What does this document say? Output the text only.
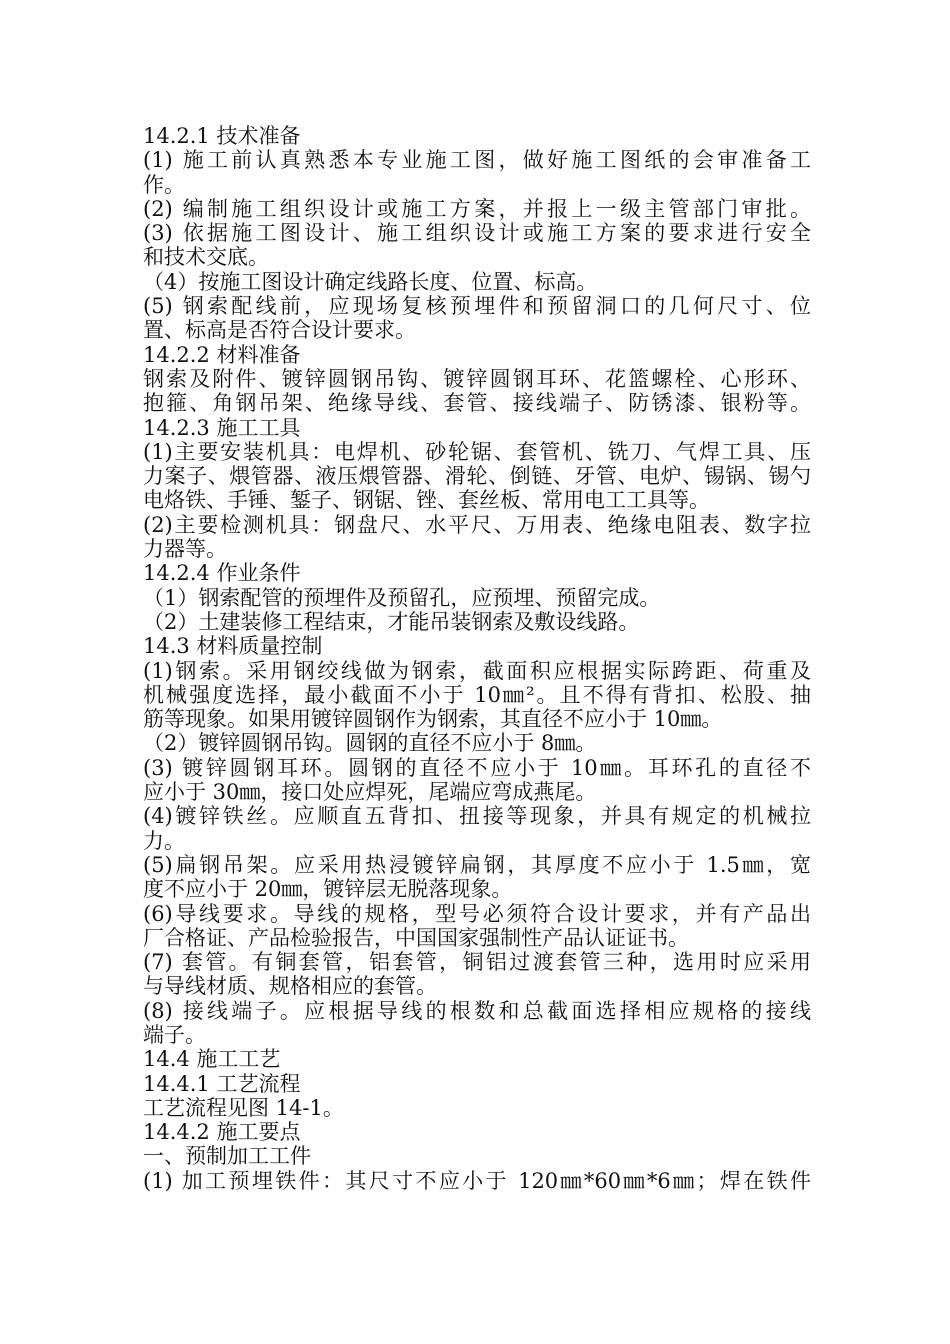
14.2.1 技术准备
(1) 施工前认真熟悉本专业施工图，做好施工图纸的会审准备工
作。
(2) 编制施工组织设计或施工方案，并报上一级主管部门审批。
(3) 依据施工图设计、施工组织设计或施工方案的要求进行安全
和技术交底。
（4）按施工图设计确定线路长度、位置、标高。
(5) 钢索配线前，应现场复核预埋件和预留洞口的几何尺寸、位
置、标高是否符合设计要求。
14.2.2 材料准备
钢索及附件、镀锌圆钢吊钩、镀锌圆钢耳环、花篮螺栓、心形环、
抱箍、角钢吊架、绝缘导线、套管、接线端子、防锈漆、银粉等。
14.2.3 施工工具
(1)主要安装机具：电焊机、砂轮锯、套管机、铣刀、气焊工具、压
力案子、煨管器、液压煨管器、滑轮、倒链、牙管、电炉、锡锅、锡勺
电烙铁、手锤、錾子、钢锯、锉、套丝板、常用电工工具等。
(2)主要检测机具：钢盘尺、水平尺、万用表、绝缘电阻表、数字拉
力器等。
14.2.4 作业条件
（1）钢索配管的预埋件及预留孔，应预埋、预留完成。
（2）土建装修工程结束，才能吊装钢索及敷设线路。
14.3 材料质量控制
(1)钢索。采用钢绞线做为钢索，截面积应根据实际跨距、荷重及
机械强度选择，最小截面不小于 10㎜²。且不得有背扣、松股、抽
筋等现象。如果用镀锌圆钢作为钢索，其直径不应小于 10㎜。
（2）镀锌圆钢吊钩。圆钢的直径不应小于 8㎜。
(3) 镀锌圆钢耳环。圆钢的直径不应小于 10㎜。耳环孔的直径不
应小于 30㎜，接口处应焊死，尾端应弯成燕尾。
(4)镀锌铁丝。应顺直五背扣、扭接等现象，并具有规定的机械拉
力。
(5)扁钢吊架。应采用热浸镀锌扁钢，其厚度不应小于 1.5㎜，宽
度不应小于 20㎜，镀锌层无脱落现象。
(6)导线要求。导线的规格，型号必须符合设计要求，并有产品出
厂合格证、产品检验报告，中国国家强制性产品认证证书。
(7) 套管。有铜套管，铝套管，铜铝过渡套管三种，选用时应采用
与导线材质、规格相应的套管。
(8) 接线端子。应根据导线的根数和总截面选择相应规格的接线
端子。
14.4 施工工艺
14.4.1 工艺流程
工艺流程见图 14-1。
14.4.2 施工要点
一、预制加工工件
(1) 加工预埋铁件：其尺寸不应小于 120㎜*60㎜*6㎜；焊在铁件
